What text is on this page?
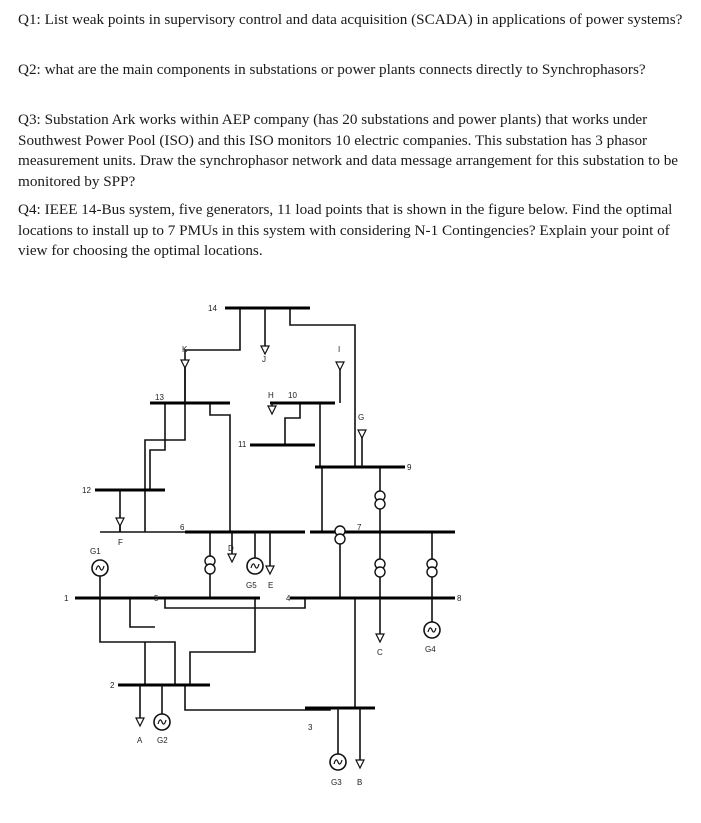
Q1: List weak points in supervisory control and data acquisition (SCADA) in applications of power systems?

Q2: what are the main components in substations or power plants connects directly to Synchrophasors?

Q3: Substation Ark works within AEP company (has 20 substations and power plants) that works under Southwest Power Pool (ISO) and this ISO monitors 10 electric companies. This substation has 3 phasor measurement units. Draw the synchrophasor network and data message arrangement for this substation to be monitored by SPP?

Q4: IEEE 14-Bus system, five generators, 11 load points that is shown in the figure below. Find the optimal locations to install up to 7 PMUs in this system with considering N-1 Contingencies? Explain your point of view for choosing the optimal locations.

1
2
3
4
5
6	7
8
9
10
11
12
13
14
G1
G2
G3
G4
G5
A
B
C
D
E
F
G
H
I
J
K
